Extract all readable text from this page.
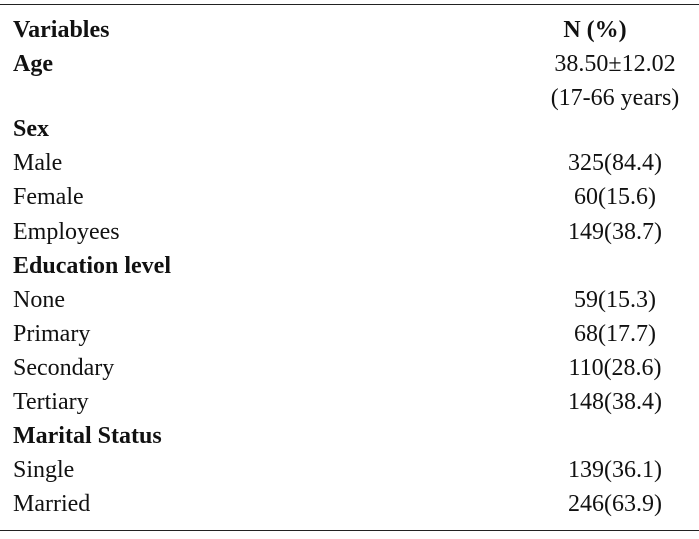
Variables	N (%)
Age	38.50±12.02
(17-66 years)
Sex
Male	325(84.4)
Female	60(15.6)
Employees	149(38.7)
Education level
None	59(15.3)
Primary	68(17.7)
Secondary	110(28.6)
Tertiary	148(38.4)
Marital Status
Single	139(36.1)
Married	246(63.9)
